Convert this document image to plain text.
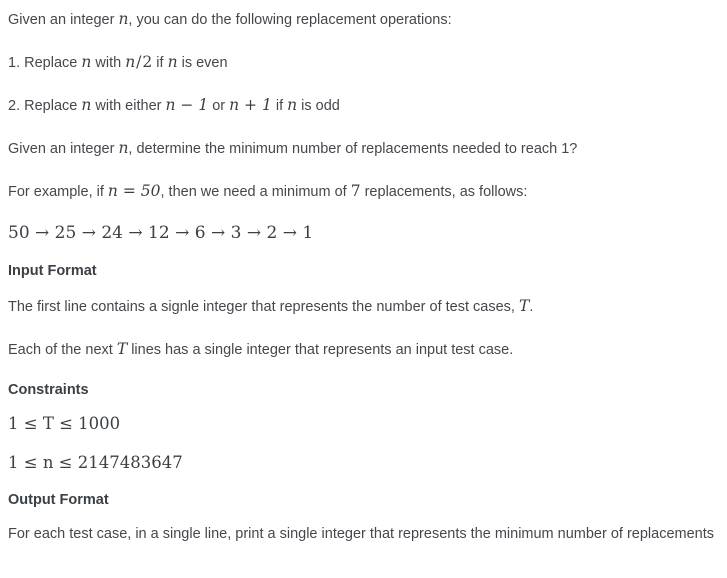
Given an integer n, you can do the following replacement operations:

1. Replace n with n/2 if n is even

2. Replace n with either n − 1 or n + 1 if n is odd

Given an integer n, determine the minimum number of replacements needed to reach 1?

For example, if n = 50, then we need a minimum of 7 replacements, as follows:

50 → 25 → 24 → 12 → 6 → 3 → 2 → 1

Input Format

The first line contains a signle integer that represents the number of test cases, T.

Each of the next T lines has a single integer that represents an input test case.

Constraints

1 ≤ T ≤ 1000

1 ≤ n ≤ 2147483647

Output Format

For each test case, in a single line, print a single integer that represents the minimum number of replacements
